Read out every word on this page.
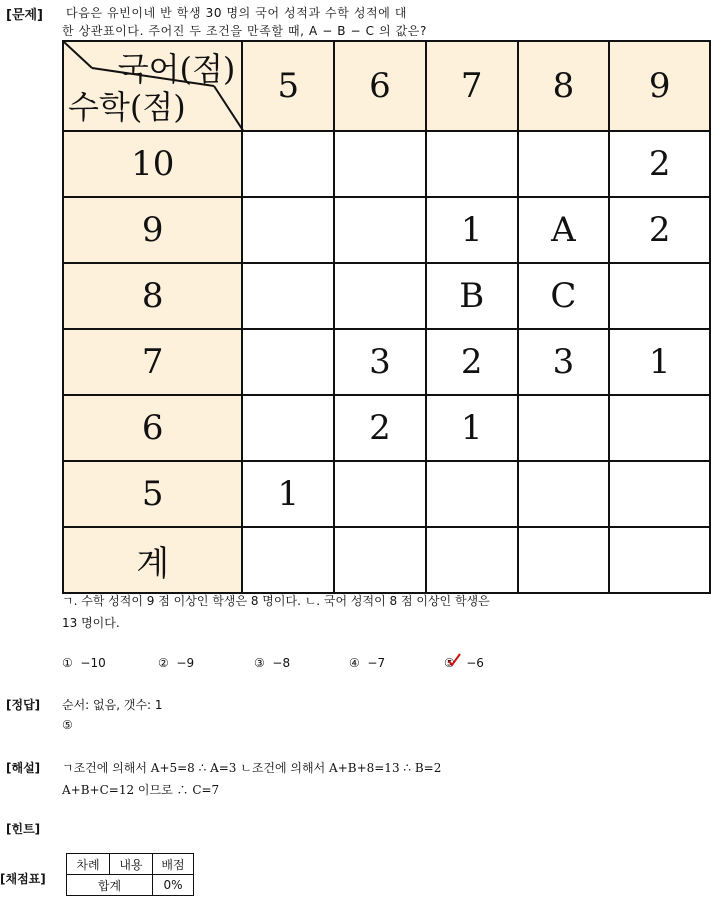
[문제] 다음은 유빈이네 반 학생 30 명의 국어 성적과 수학 성적에 대
한 상관표이다. 주어진 두 조건을 만족할 때, A − B − C 의 값은?
국어(점)
수학(점)	5	6	7	8	9
10					2
9			1	A	2
8			B	C	
7		3	2	3	1
6		2	1		
5	1				
계					
ㄱ. 수학 성적이 9 점 이상인 학생은 8 명이다. ㄴ. 국어 성적이 8 점 이상인 학생은
13 명이다.
① −10	② −9	③ −8	④ −7	⑤ −6
[정답] 순서: 없음, 갯수: 1
⑤
[해설] ㄱ조건에 의해서 A+5=8 ∴ A=3 ㄴ조건에 의해서 A+B+8=13 ∴ B=2
A+B+C=12 이므로 ∴ C=7
[힌트]
[채점표]
차례	내용	배점
합계		0%
